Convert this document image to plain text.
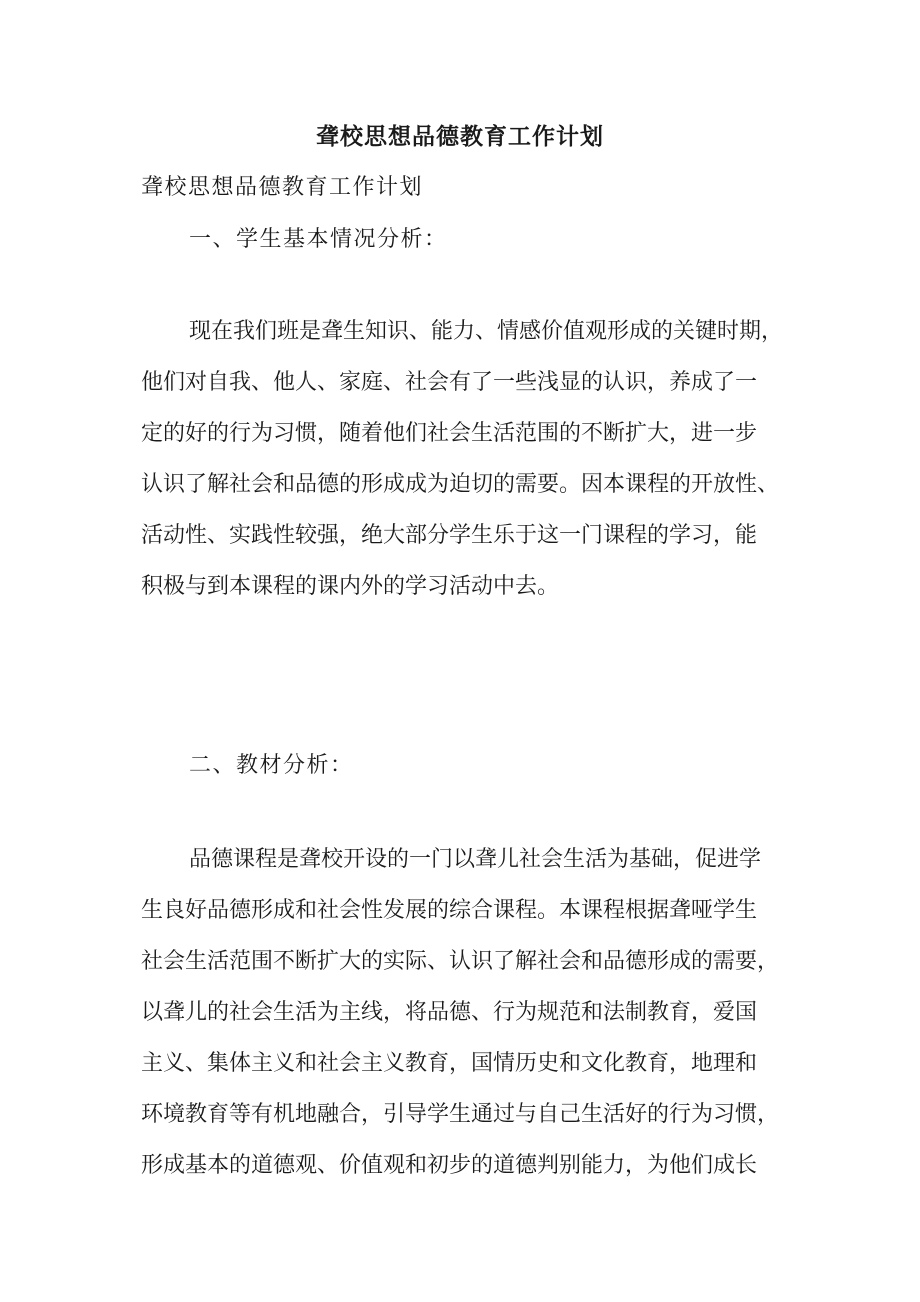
聋校思想品德教育工作计划
聋校思想品德教育工作计划
一、学生基本情况分析：
现在我们班是聋生知识、能力、情感价值观形成的关键时期，
他们对自我、他人、家庭、社会有了一些浅显的认识，养成了一
定的好的行为习惯，随着他们社会生活范围的不断扩大，进一步
认识了解社会和品德的形成成为迫切的需要。因本课程的开放性、
活动性、实践性较强，绝大部分学生乐于这一门课程的学习，能
积极与到本课程的课内外的学习活动中去。
二、教材分析：
品德课程是聋校开设的一门以聋儿社会生活为基础，促进学
生良好品德形成和社会性发展的综合课程。本课程根据聋哑学生
社会生活范围不断扩大的实际、认识了解社会和品德形成的需要，
以聋儿的社会生活为主线，将品德、行为规范和法制教育，爱国
主义、集体主义和社会主义教育，国情历史和文化教育，地理和
环境教育等有机地融合，引导学生通过与自己生活好的行为习惯，
形成基本的道德观、价值观和初步的道德判别能力，为他们成长
